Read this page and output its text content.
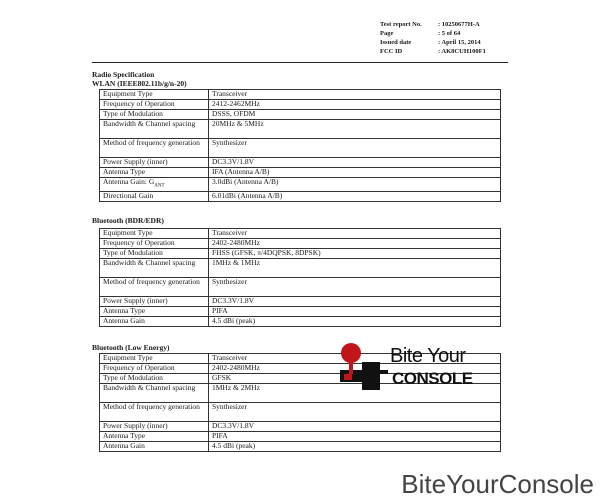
Test report No.	: 10250677H-A
Page	: 5 of 64
Issued date	: April 15, 2014
FCC ID	: AK8CUH100F1
Radio Specification
WLAN (IEEE802.11b/g/n-20)
Equipment Type	Transceiver
Frequency of Operation	2412-2462MHz
Type of Modulation	DSSS, OFDM
Bandwidth & Channel spacing	20MHz & 5MHz
Method of frequency generation	Synthesizer
Power Supply (inner)	DC3.3V/1.8V
Antenna Type	IFA (Antenna A/B)
Antenna Gain: $G_{ANT}$	3.0dBi (Antenna A/B)
Directional Gain	6.01dBi (Antenna A/B)
Bluetooth (BDR/EDR)
Equipment Type	Transceiver
Frequency of Operation	2402-2480MHz
Type of Modulation	FHSS (GFSK, π/4DQPSK, 8DPSK)
Bandwidth & Channel spacing	1MHz & 1MHz
Method of frequency generation	Synthesizer
Power Supply (inner)	DC3.3V/1.8V
Antenna Type	PIFA
Antenna Gain	4.5 dBi (peak)
Bluetooth (Low Energy)
Equipment Type	Transceiver
Frequency of Operation	2402-2480MHz
Type of Modulation	GFSK
Bandwidth & Channel spacing	1MHz & 2MHz
Method of frequency generation	Synthesizer
Power Supply (inner)	DC3.3V/1.8V
Antenna Type	PIFA
Antenna Gain	4.5 dBi (peak)
Bite Your
CONSOLE
BiteYourConsole
